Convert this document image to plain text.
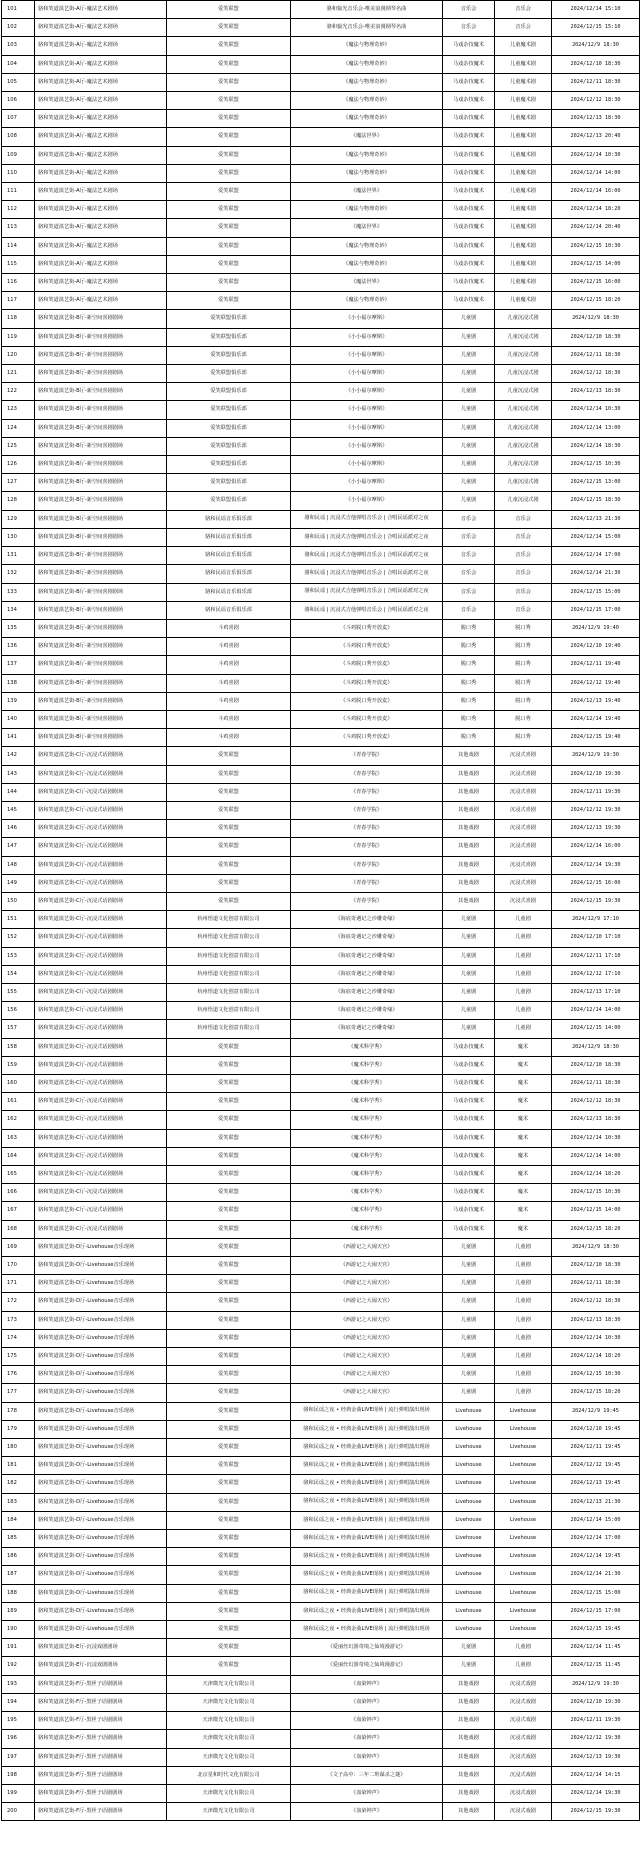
101	骆和笑道滇艺街-A厅-魔法艺术剧场	爱笑联盟	骆和愉光音乐会-唯美浪漫钢琴名曲	音乐会	音乐会	2024/12/14 15:10
102	骆和笑道滇艺街-A厅-魔法艺术剧场	爱笑联盟	骆和愉光音乐会-唯美浪漫钢琴名曲	音乐会	音乐会	2024/12/15 15:10
103	骆和笑道滇艺街-A厅-魔法艺术剧场	爱笑联盟	《魔法与物理奇妙》	马戏杂技魔术	儿童魔术剧	2024/12/9 18:30
104	骆和笑道滇艺街-A厅-魔法艺术剧场	爱笑联盟	《魔法与物理奇妙》	马戏杂技魔术	儿童魔术剧	2024/12/10 18:30
105	骆和笑道滇艺街-A厅-魔法艺术剧场	爱笑联盟	《魔法与物理奇妙》	马戏杂技魔术	儿童魔术剧	2024/12/11 18:30
106	骆和笑道滇艺街-A厅-魔法艺术剧场	爱笑联盟	《魔法与物理奇妙》	马戏杂技魔术	儿童魔术剧	2024/12/12 18:30
107	骆和笑道滇艺街-A厅-魔法艺术剧场	爱笑联盟	《魔法与物理奇妙》	马戏杂技魔术	儿童魔术剧	2024/12/13 18:30
108	骆和笑道滇艺街-A厅-魔法艺术剧场	爱笑联盟	《魔法世界》	马戏杂技魔术	儿童魔术剧	2024/12/13 20:40
109	骆和笑道滇艺街-A厅-魔法艺术剧场	爱笑联盟	《魔法与物理奇妙》	马戏杂技魔术	儿童魔术剧	2024/12/14 10:30
110	骆和笑道滇艺街-A厅-魔法艺术剧场	爱笑联盟	《魔法与物理奇妙》	马戏杂技魔术	儿童魔术剧	2024/12/14 14:00
111	骆和笑道滇艺街-A厅-魔法艺术剧场	爱笑联盟	《魔法世界》	马戏杂技魔术	儿童魔术剧	2024/12/14 16:00
112	骆和笑道滇艺街-A厅-魔法艺术剧场	爱笑联盟	《魔法与物理奇妙》	马戏杂技魔术	儿童魔术剧	2024/12/14 18:20
113	骆和笑道滇艺街-A厅-魔法艺术剧场	爱笑联盟	《魔法世界》	马戏杂技魔术	儿童魔术剧	2024/12/14 20:40
114	骆和笑道滇艺街-A厅-魔法艺术剧场	爱笑联盟	《魔法与物理奇妙》	马戏杂技魔术	儿童魔术剧	2024/12/15 10:30
115	骆和笑道滇艺街-A厅-魔法艺术剧场	爱笑联盟	《魔法与物理奇妙》	马戏杂技魔术	儿童魔术剧	2024/12/15 14:00
116	骆和笑道滇艺街-A厅-魔法艺术剧场	爱笑联盟	《魔法世界》	马戏杂技魔术	儿童魔术剧	2024/12/15 16:00
117	骆和笑道滇艺街-A厅-魔法艺术剧场	爱笑联盟	《魔法与物理奇妙》	马戏杂技魔术	儿童魔术剧	2024/12/15 18:20
118	骆和笑道滇艺街-B厅-新空间喜剧剧场	爱笑联盟俱乐部	《小小福尔摩斯》	儿童剧	儿童沉浸式剧	2024/12/9 18:30
119	骆和笑道滇艺街-B厅-新空间喜剧剧场	爱笑联盟俱乐部	《小小福尔摩斯》	儿童剧	儿童沉浸式剧	2024/12/10 18:30
120	骆和笑道滇艺街-B厅-新空间喜剧剧场	爱笑联盟俱乐部	《小小福尔摩斯》	儿童剧	儿童沉浸式剧	2024/12/11 18:30
121	骆和笑道滇艺街-B厅-新空间喜剧剧场	爱笑联盟俱乐部	《小小福尔摩斯》	儿童剧	儿童沉浸式剧	2024/12/12 18:30
122	骆和笑道滇艺街-B厅-新空间喜剧剧场	爱笑联盟俱乐部	《小小福尔摩斯》	儿童剧	儿童沉浸式剧	2024/12/13 18:30
123	骆和笑道滇艺街-B厅-新空间喜剧剧场	爱笑联盟俱乐部	《小小福尔摩斯》	儿童剧	儿童沉浸式剧	2024/12/14 10:30
124	骆和笑道滇艺街-B厅-新空间喜剧剧场	爱笑联盟俱乐部	《小小福尔摩斯》	儿童剧	儿童沉浸式剧	2024/12/14 13:00
125	骆和笑道滇艺街-B厅-新空间喜剧剧场	爱笑联盟俱乐部	《小小福尔摩斯》	儿童剧	儿童沉浸式剧	2024/12/14 18:30
126	骆和笑道滇艺街-B厅-新空间喜剧剧场	爱笑联盟俱乐部	《小小福尔摩斯》	儿童剧	儿童沉浸式剧	2024/12/15 10:30
127	骆和笑道滇艺街-B厅-新空间喜剧剧场	爱笑联盟俱乐部	《小小福尔摩斯》	儿童剧	儿童沉浸式剧	2024/12/15 13:00
128	骆和笑道滇艺街-B厅-新空间喜剧剧场	爱笑联盟俱乐部	《小小福尔摩斯》	儿童剧	儿童沉浸式剧	2024/12/15 18:30
129	骆和笑道滇艺街-B厅-新空间喜剧剧场	骆和民谣音乐俱乐部	骆和民谣 | 沉浸式吉他弹唱音乐会 | 合唱民谣派对之夜	音乐会	音乐会	2024/12/13 21:30
130	骆和笑道滇艺街-B厅-新空间喜剧剧场	骆和民谣音乐俱乐部	骆和民谣 | 沉浸式吉他弹唱音乐会 | 合唱民谣派对之夜	音乐会	音乐会	2024/12/14 15:00
131	骆和笑道滇艺街-B厅-新空间喜剧剧场	骆和民谣音乐俱乐部	骆和民谣 | 沉浸式吉他弹唱音乐会 | 合唱民谣派对之夜	音乐会	音乐会	2024/12/14 17:00
132	骆和笑道滇艺街-B厅-新空间喜剧剧场	骆和民谣音乐俱乐部	骆和民谣 | 沉浸式吉他弹唱音乐会 | 合唱民谣派对之夜	音乐会	音乐会	2024/12/14 21:30
133	骆和笑道滇艺街-B厅-新空间喜剧剧场	骆和民谣音乐俱乐部	骆和民谣 | 沉浸式吉他弹唱音乐会 | 合唱民谣派对之夜	音乐会	音乐会	2024/12/15 15:00
134	骆和笑道滇艺街-B厅-新空间喜剧剧场	骆和民谣音乐俱乐部	骆和民谣 | 沉浸式吉他弹唱音乐会 | 合唱民谣派对之夜	音乐会	音乐会	2024/12/15 17:00
135	骆和笑道滇艺街-B厅-新空间喜剧剧场	斗鸡喜剧	《斗鸡脱口秀开放麦》	脱口秀	脱口秀	2024/12/9 19:40
136	骆和笑道滇艺街-B厅-新空间喜剧剧场	斗鸡喜剧	《斗鸡脱口秀开放麦》	脱口秀	脱口秀	2024/12/10 19:40
137	骆和笑道滇艺街-B厅-新空间喜剧剧场	斗鸡喜剧	《斗鸡脱口秀开放麦》	脱口秀	脱口秀	2024/12/11 19:40
138	骆和笑道滇艺街-B厅-新空间喜剧剧场	斗鸡喜剧	《斗鸡脱口秀开放麦》	脱口秀	脱口秀	2024/12/12 19:40
139	骆和笑道滇艺街-B厅-新空间喜剧剧场	斗鸡喜剧	《斗鸡脱口秀开放麦》	脱口秀	脱口秀	2024/12/13 19:40
140	骆和笑道滇艺街-B厅-新空间喜剧剧场	斗鸡喜剧	《斗鸡脱口秀开放麦》	脱口秀	脱口秀	2024/12/14 19:40
141	骆和笑道滇艺街-B厅-新空间喜剧剧场	斗鸡喜剧	《斗鸡脱口秀开放麦》	脱口秀	脱口秀	2024/12/15 19:40
142	骆和笑道滇艺街-C厅-沉浸式话剧剧场	爱笑联盟	《青春学院》	其他戏剧	沉浸式喜剧	2024/12/9 19:30
143	骆和笑道滇艺街-C厅-沉浸式话剧剧场	爱笑联盟	《青春学院》	其他戏剧	沉浸式喜剧	2024/12/10 19:30
144	骆和笑道滇艺街-C厅-沉浸式话剧剧场	爱笑联盟	《青春学院》	其他戏剧	沉浸式喜剧	2024/12/11 19:30
145	骆和笑道滇艺街-C厅-沉浸式话剧剧场	爱笑联盟	《青春学院》	其他戏剧	沉浸式喜剧	2024/12/12 19:30
146	骆和笑道滇艺街-C厅-沉浸式话剧剧场	爱笑联盟	《青春学院》	其他戏剧	沉浸式喜剧	2024/12/13 19:30
147	骆和笑道滇艺街-C厅-沉浸式话剧剧场	爱笑联盟	《青春学院》	其他戏剧	沉浸式喜剧	2024/12/14 16:00
148	骆和笑道滇艺街-C厅-沉浸式话剧剧场	爱笑联盟	《青春学院》	其他戏剧	沉浸式喜剧	2024/12/14 19:30
149	骆和笑道滇艺街-C厅-沉浸式话剧剧场	爱笑联盟	《青春学院》	其他戏剧	沉浸式喜剧	2024/12/15 16:00
150	骆和笑道滇艺街-C厅-沉浸式话剧剧场	爱笑联盟	《青春学院》	其他戏剧	沉浸式喜剧	2024/12/15 19:30
151	骆和笑道滇艺街-C厅-沉浸式话剧剧场	杭州悟道文化创意有限公司	《海底奇遇记之沙雕奇缘》	儿童剧	儿童剧	2024/12/9 17:10
152	骆和笑道滇艺街-C厅-沉浸式话剧剧场	杭州悟道文化创意有限公司	《海底奇遇记之沙雕奇缘》	儿童剧	儿童剧	2024/12/10 17:10
153	骆和笑道滇艺街-C厅-沉浸式话剧剧场	杭州悟道文化创意有限公司	《海底奇遇记之沙雕奇缘》	儿童剧	儿童剧	2024/12/11 17:10
154	骆和笑道滇艺街-C厅-沉浸式话剧剧场	杭州悟道文化创意有限公司	《海底奇遇记之沙雕奇缘》	儿童剧	儿童剧	2024/12/12 17:10
155	骆和笑道滇艺街-C厅-沉浸式话剧剧场	杭州悟道文化创意有限公司	《海底奇遇记之沙雕奇缘》	儿童剧	儿童剧	2024/12/13 17:10
156	骆和笑道滇艺街-C厅-沉浸式话剧剧场	杭州悟道文化创意有限公司	《海底奇遇记之沙雕奇缘》	儿童剧	儿童剧	2024/12/14 14:00
157	骆和笑道滇艺街-C厅-沉浸式话剧剧场	杭州悟道文化创意有限公司	《海底奇遇记之沙雕奇缘》	儿童剧	儿童剧	2024/12/15 14:00
158	骆和笑道滇艺街-C厅-沉浸式话剧剧场	爱笑联盟	《魔术科学秀》	马戏杂技魔术	魔术	2024/12/9 18:30
159	骆和笑道滇艺街-C厅-沉浸式话剧剧场	爱笑联盟	《魔术科学秀》	马戏杂技魔术	魔术	2024/12/10 18:30
160	骆和笑道滇艺街-C厅-沉浸式话剧剧场	爱笑联盟	《魔术科学秀》	马戏杂技魔术	魔术	2024/12/11 18:30
161	骆和笑道滇艺街-C厅-沉浸式话剧剧场	爱笑联盟	《魔术科学秀》	马戏杂技魔术	魔术	2024/12/12 18:30
162	骆和笑道滇艺街-C厅-沉浸式话剧剧场	爱笑联盟	《魔术科学秀》	马戏杂技魔术	魔术	2024/12/13 18:30
163	骆和笑道滇艺街-C厅-沉浸式话剧剧场	爱笑联盟	《魔术科学秀》	马戏杂技魔术	魔术	2024/12/14 10:30
164	骆和笑道滇艺街-C厅-沉浸式话剧剧场	爱笑联盟	《魔术科学秀》	马戏杂技魔术	魔术	2024/12/14 14:00
165	骆和笑道滇艺街-C厅-沉浸式话剧剧场	爱笑联盟	《魔术科学秀》	马戏杂技魔术	魔术	2024/12/14 18:20
166	骆和笑道滇艺街-C厅-沉浸式话剧剧场	爱笑联盟	《魔术科学秀》	马戏杂技魔术	魔术	2024/12/15 10:30
167	骆和笑道滇艺街-C厅-沉浸式话剧剧场	爱笑联盟	《魔术科学秀》	马戏杂技魔术	魔术	2024/12/15 14:00
168	骆和笑道滇艺街-C厅-沉浸式话剧剧场	爱笑联盟	《魔术科学秀》	马戏杂技魔术	魔术	2024/12/15 18:20
169	骆和笑道滇艺街-D厅-Livehouse音乐现场	爱笑联盟	《西游记之大闹天宫》	儿童剧	儿童剧	2024/12/9 18:30
170	骆和笑道滇艺街-D厅-Livehouse音乐现场	爱笑联盟	《西游记之大闹天宫》	儿童剧	儿童剧	2024/12/10 18:30
171	骆和笑道滇艺街-D厅-Livehouse音乐现场	爱笑联盟	《西游记之大闹天宫》	儿童剧	儿童剧	2024/12/11 18:30
172	骆和笑道滇艺街-D厅-Livehouse音乐现场	爱笑联盟	《西游记之大闹天宫》	儿童剧	儿童剧	2024/12/12 18:30
173	骆和笑道滇艺街-D厅-Livehouse音乐现场	爱笑联盟	《西游记之大闹天宫》	儿童剧	儿童剧	2024/12/13 18:30
174	骆和笑道滇艺街-D厅-Livehouse音乐现场	爱笑联盟	《西游记之大闹天宫》	儿童剧	儿童剧	2024/12/14 10:30
175	骆和笑道滇艺街-D厅-Livehouse音乐现场	爱笑联盟	《西游记之大闹天宫》	儿童剧	儿童剧	2024/12/14 18:20
176	骆和笑道滇艺街-D厅-Livehouse音乐现场	爱笑联盟	《西游记之大闹天宫》	儿童剧	儿童剧	2024/12/15 10:30
177	骆和笑道滇艺街-D厅-Livehouse音乐现场	爱笑联盟	《西游记之大闹天宫》	儿童剧	儿童剧	2024/12/15 18:20
178	骆和笑道滇艺街-D厅-Livehouse音乐现场	爱笑联盟	骆和民谣之夜 • 经典金曲LIVE现场 | 流行弹唱演出现场	Livehouse	Livehouse	2024/12/9 19:45
179	骆和笑道滇艺街-D厅-Livehouse音乐现场	爱笑联盟	骆和民谣之夜 • 经典金曲LIVE现场 | 流行弹唱演出现场	Livehouse	Livehouse	2024/12/10 19:45
180	骆和笑道滇艺街-D厅-Livehouse音乐现场	爱笑联盟	骆和民谣之夜 • 经典金曲LIVE现场 | 流行弹唱演出现场	Livehouse	Livehouse	2024/12/11 19:45
181	骆和笑道滇艺街-D厅-Livehouse音乐现场	爱笑联盟	骆和民谣之夜 • 经典金曲LIVE现场 | 流行弹唱演出现场	Livehouse	Livehouse	2024/12/12 19:45
182	骆和笑道滇艺街-D厅-Livehouse音乐现场	爱笑联盟	骆和民谣之夜 • 经典金曲LIVE现场 | 流行弹唱演出现场	Livehouse	Livehouse	2024/12/13 19:45
183	骆和笑道滇艺街-D厅-Livehouse音乐现场	爱笑联盟	骆和民谣之夜 • 经典金曲LIVE现场 | 流行弹唱演出现场	Livehouse	Livehouse	2024/12/13 21:30
184	骆和笑道滇艺街-D厅-Livehouse音乐现场	爱笑联盟	骆和民谣之夜 • 经典金曲LIVE现场 | 流行弹唱演出现场	Livehouse	Livehouse	2024/12/14 15:00
185	骆和笑道滇艺街-D厅-Livehouse音乐现场	爱笑联盟	骆和民谣之夜 • 经典金曲LIVE现场 | 流行弹唱演出现场	Livehouse	Livehouse	2024/12/14 17:00
186	骆和笑道滇艺街-D厅-Livehouse音乐现场	爱笑联盟	骆和民谣之夜 • 经典金曲LIVE现场 | 流行弹唱演出现场	Livehouse	Livehouse	2024/12/14 19:45
187	骆和笑道滇艺街-D厅-Livehouse音乐现场	爱笑联盟	骆和民谣之夜 • 经典金曲LIVE现场 | 流行弹唱演出现场	Livehouse	Livehouse	2024/12/14 21:30
188	骆和笑道滇艺街-D厅-Livehouse音乐现场	爱笑联盟	骆和民谣之夜 • 经典金曲LIVE现场 | 流行弹唱演出现场	Livehouse	Livehouse	2024/12/15 15:00
189	骆和笑道滇艺街-D厅-Livehouse音乐现场	爱笑联盟	骆和民谣之夜 • 经典金曲LIVE现场 | 流行弹唱演出现场	Livehouse	Livehouse	2024/12/15 17:00
190	骆和笑道滇艺街-D厅-Livehouse音乐现场	爱笑联盟	骆和民谣之夜 • 经典金曲LIVE现场 | 流行弹唱演出现场	Livehouse	Livehouse	2024/12/15 19:45
191	骆和笑道滇艺街-E厅-沉浸戏剧剧场	爱笑联盟	《爱丽丝幻游奇境之仙境漫游记》	儿童剧	儿童剧	2024/12/14 11:45
192	骆和笑道滇艺街-E厅-沉浸戏剧剧场	爱笑联盟	《爱丽丝幻游奇境之仙境漫游记》	儿童剧	儿童剧	2024/12/15 11:45
193	骆和笑道滇艺街-F厅-黑匣子话剧剧场	天津微光文化有限公司	《血染钟声》	其他戏剧	沉浸式戏剧	2024/12/9 19:30
194	骆和笑道滇艺街-F厅-黑匣子话剧剧场	天津微光文化有限公司	《血染钟声》	其他戏剧	沉浸式戏剧	2024/12/10 19:30
195	骆和笑道滇艺街-F厅-黑匣子话剧剧场	天津微光文化有限公司	《血染钟声》	其他戏剧	沉浸式戏剧	2024/12/11 19:30
196	骆和笑道滇艺街-F厅-黑匣子话剧剧场	天津微光文化有限公司	《血染钟声》	其他戏剧	沉浸式戏剧	2024/12/12 19:30
197	骆和笑道滇艺街-F厅-黑匣子话剧剧场	天津微光文化有限公司	《血染钟声》	其他戏剧	沉浸式戏剧	2024/12/13 19:30
198	骆和笑道滇艺街-F厅-黑匣子话剧剧场	北京星和时代文化有限公司	《文子高中：三年二班谋杀之谜》	其他戏剧	沉浸式戏剧	2024/12/14 14:15
199	骆和笑道滇艺街-F厅-黑匣子话剧剧场	天津微光文化有限公司	《血染钟声》	其他戏剧	沉浸式戏剧	2024/12/14 19:30
200	骆和笑道滇艺街-F厅-黑匣子话剧剧场	天津微光文化有限公司	《血染钟声》	其他戏剧	沉浸式戏剧	2024/12/15 19:30
